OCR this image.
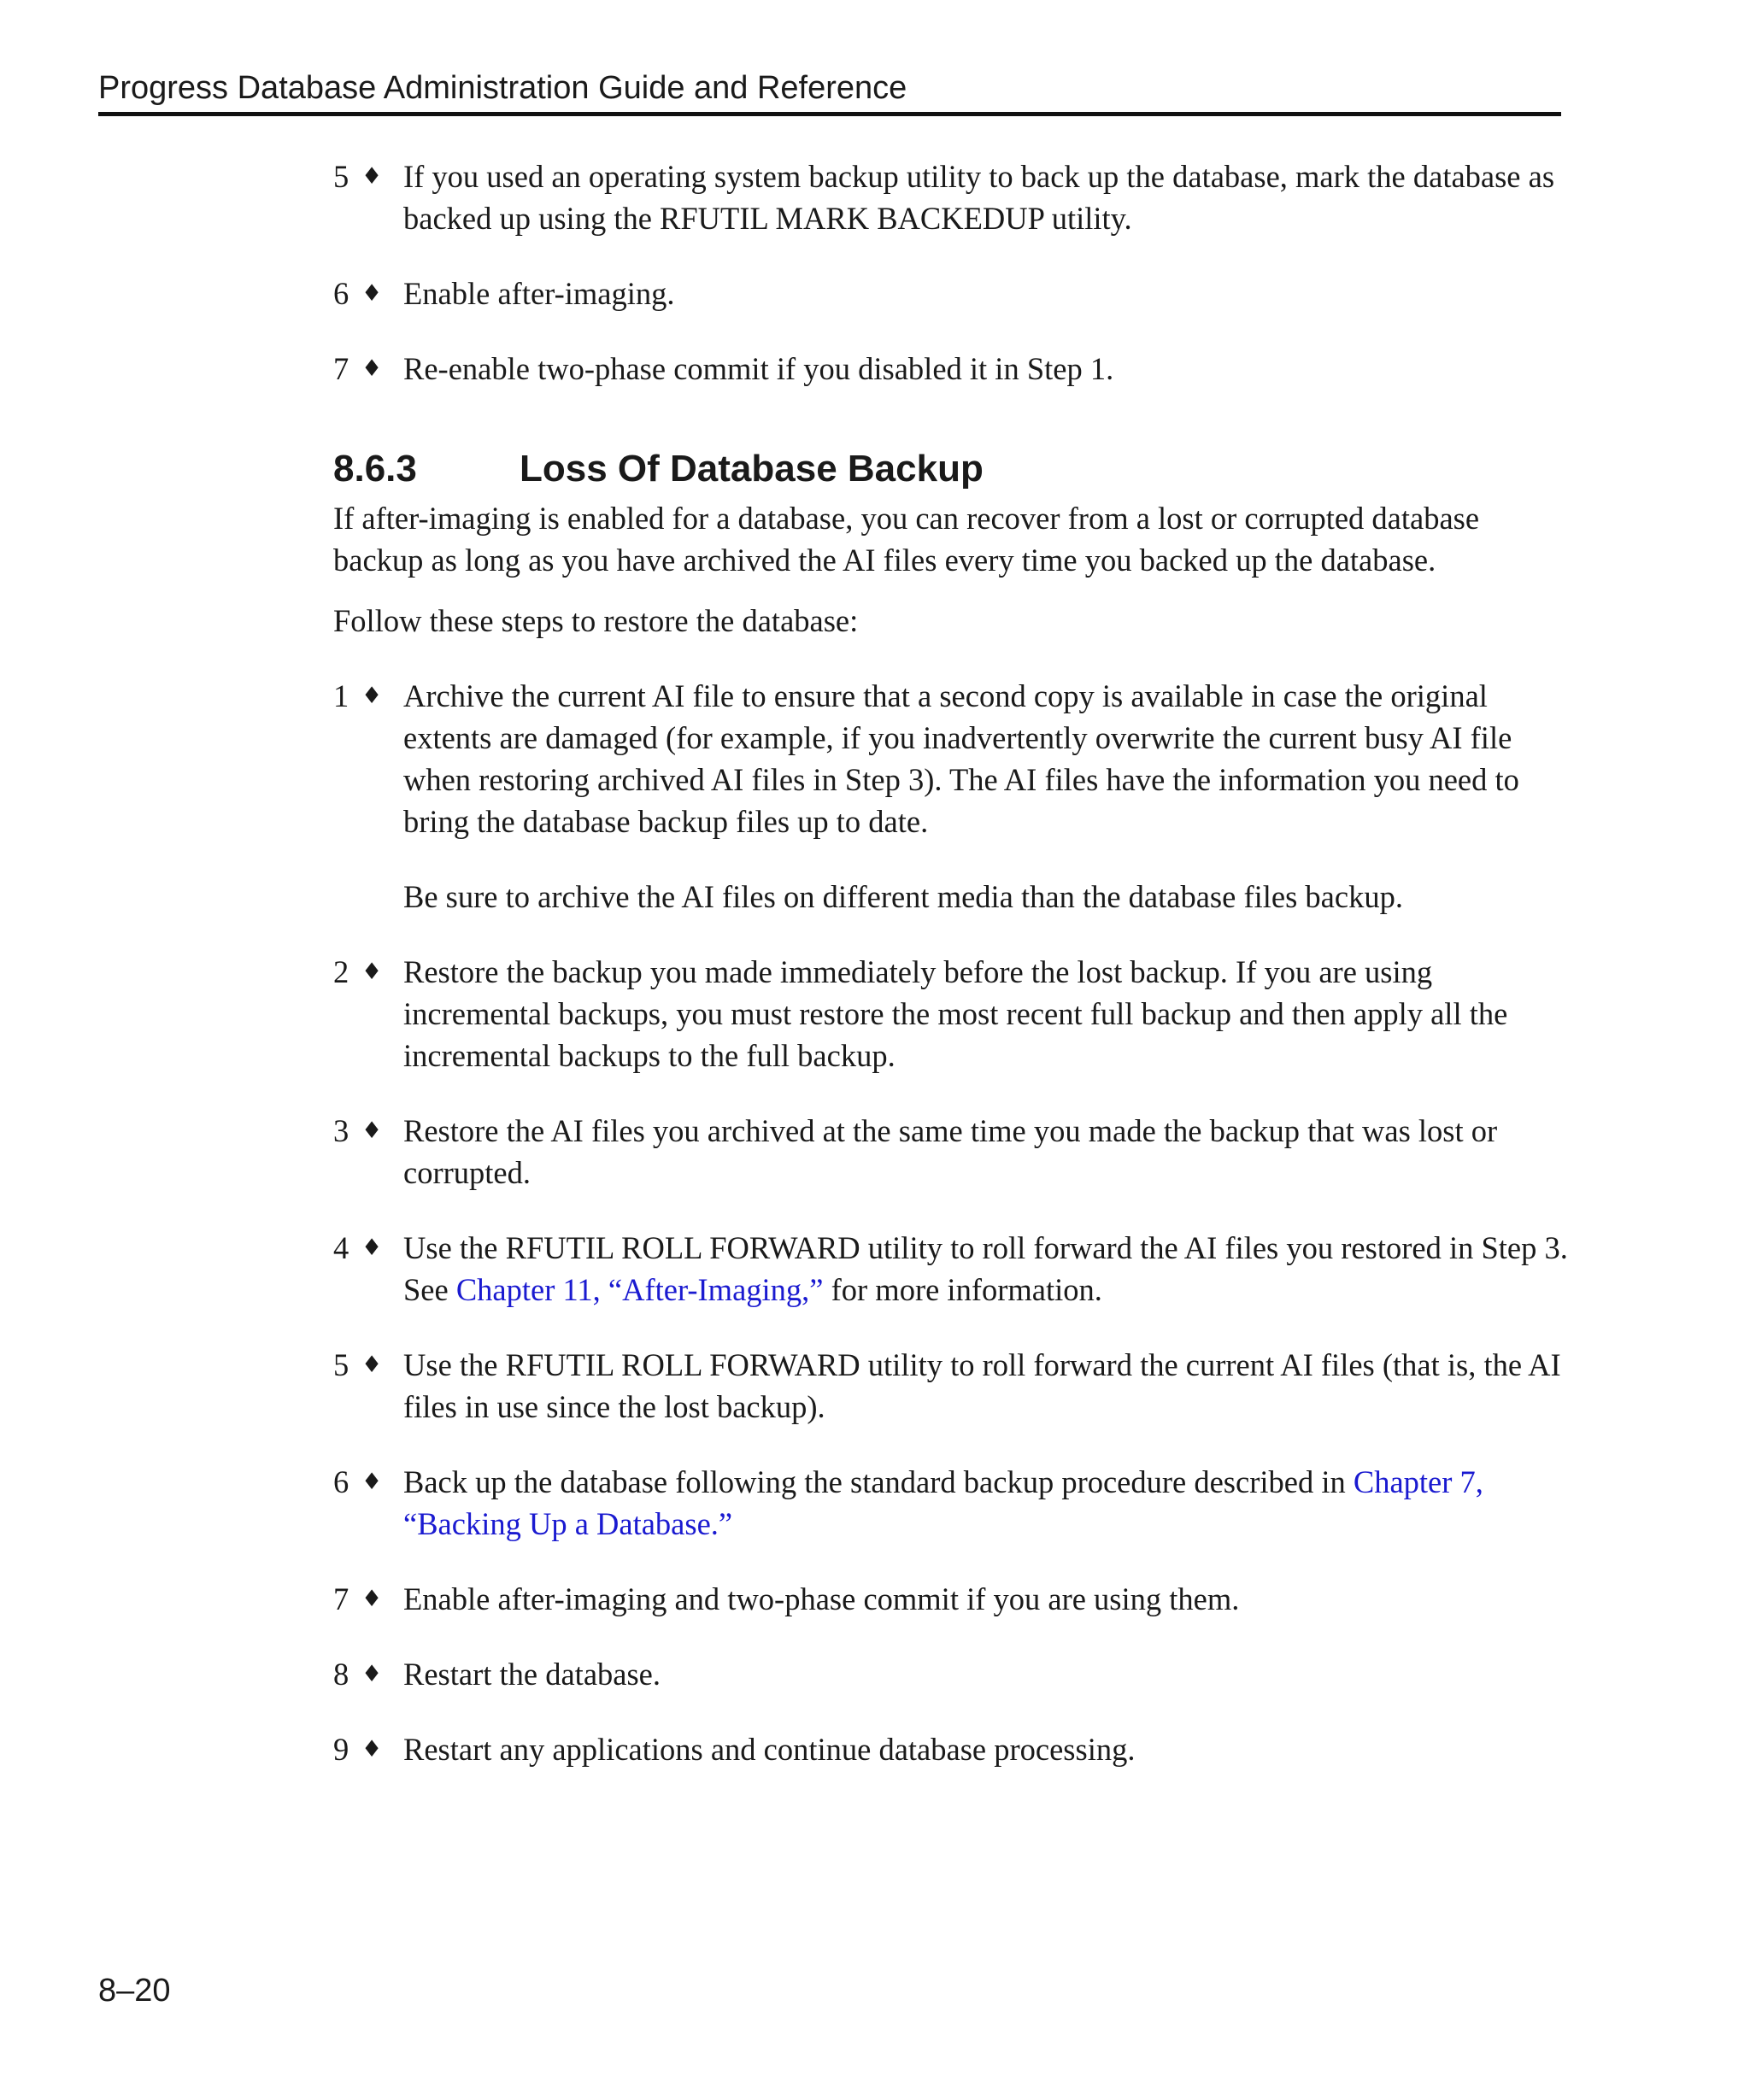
Progress Database Administration Guide and Reference
5 ♦ If you used an operating system backup utility to back up the database, mark the database as backed up using the RFUTIL MARK BACKEDUP utility.

6 ♦ Enable after-imaging.

7 ♦ Re-enable two-phase commit if you disabled it in Step 1.

8.6.3	Loss Of Database Backup

If after-imaging is enabled for a database, you can recover from a lost or corrupted database backup as long as you have archived the AI files every time you backed up the database.

Follow these steps to restore the database:

1 ♦ Archive the current AI file to ensure that a second copy is available in case the original extents are damaged (for example, if you inadvertently overwrite the current busy AI file when restoring archived AI files in Step 3). The AI files have the information you need to bring the database backup files up to date.

Be sure to archive the AI files on different media than the database files backup.

2 ♦ Restore the backup you made immediately before the lost backup. If you are using incremental backups, you must restore the most recent full backup and then apply all the incremental backups to the full backup.

3 ♦ Restore the AI files you archived at the same time you made the backup that was lost or corrupted.

4 ♦ Use the RFUTIL ROLL FORWARD utility to roll forward the AI files you restored in Step 3. See Chapter 11, “After-Imaging,” for more information.

5 ♦ Use the RFUTIL ROLL FORWARD utility to roll forward the current AI files (that is, the AI files in use since the lost backup).

6 ♦ Back up the database following the standard backup procedure described in Chapter 7, “Backing Up a Database.”

7 ♦ Enable after-imaging and two-phase commit if you are using them.

8 ♦ Restart the database.

9 ♦ Restart any applications and continue database processing.

8–20
